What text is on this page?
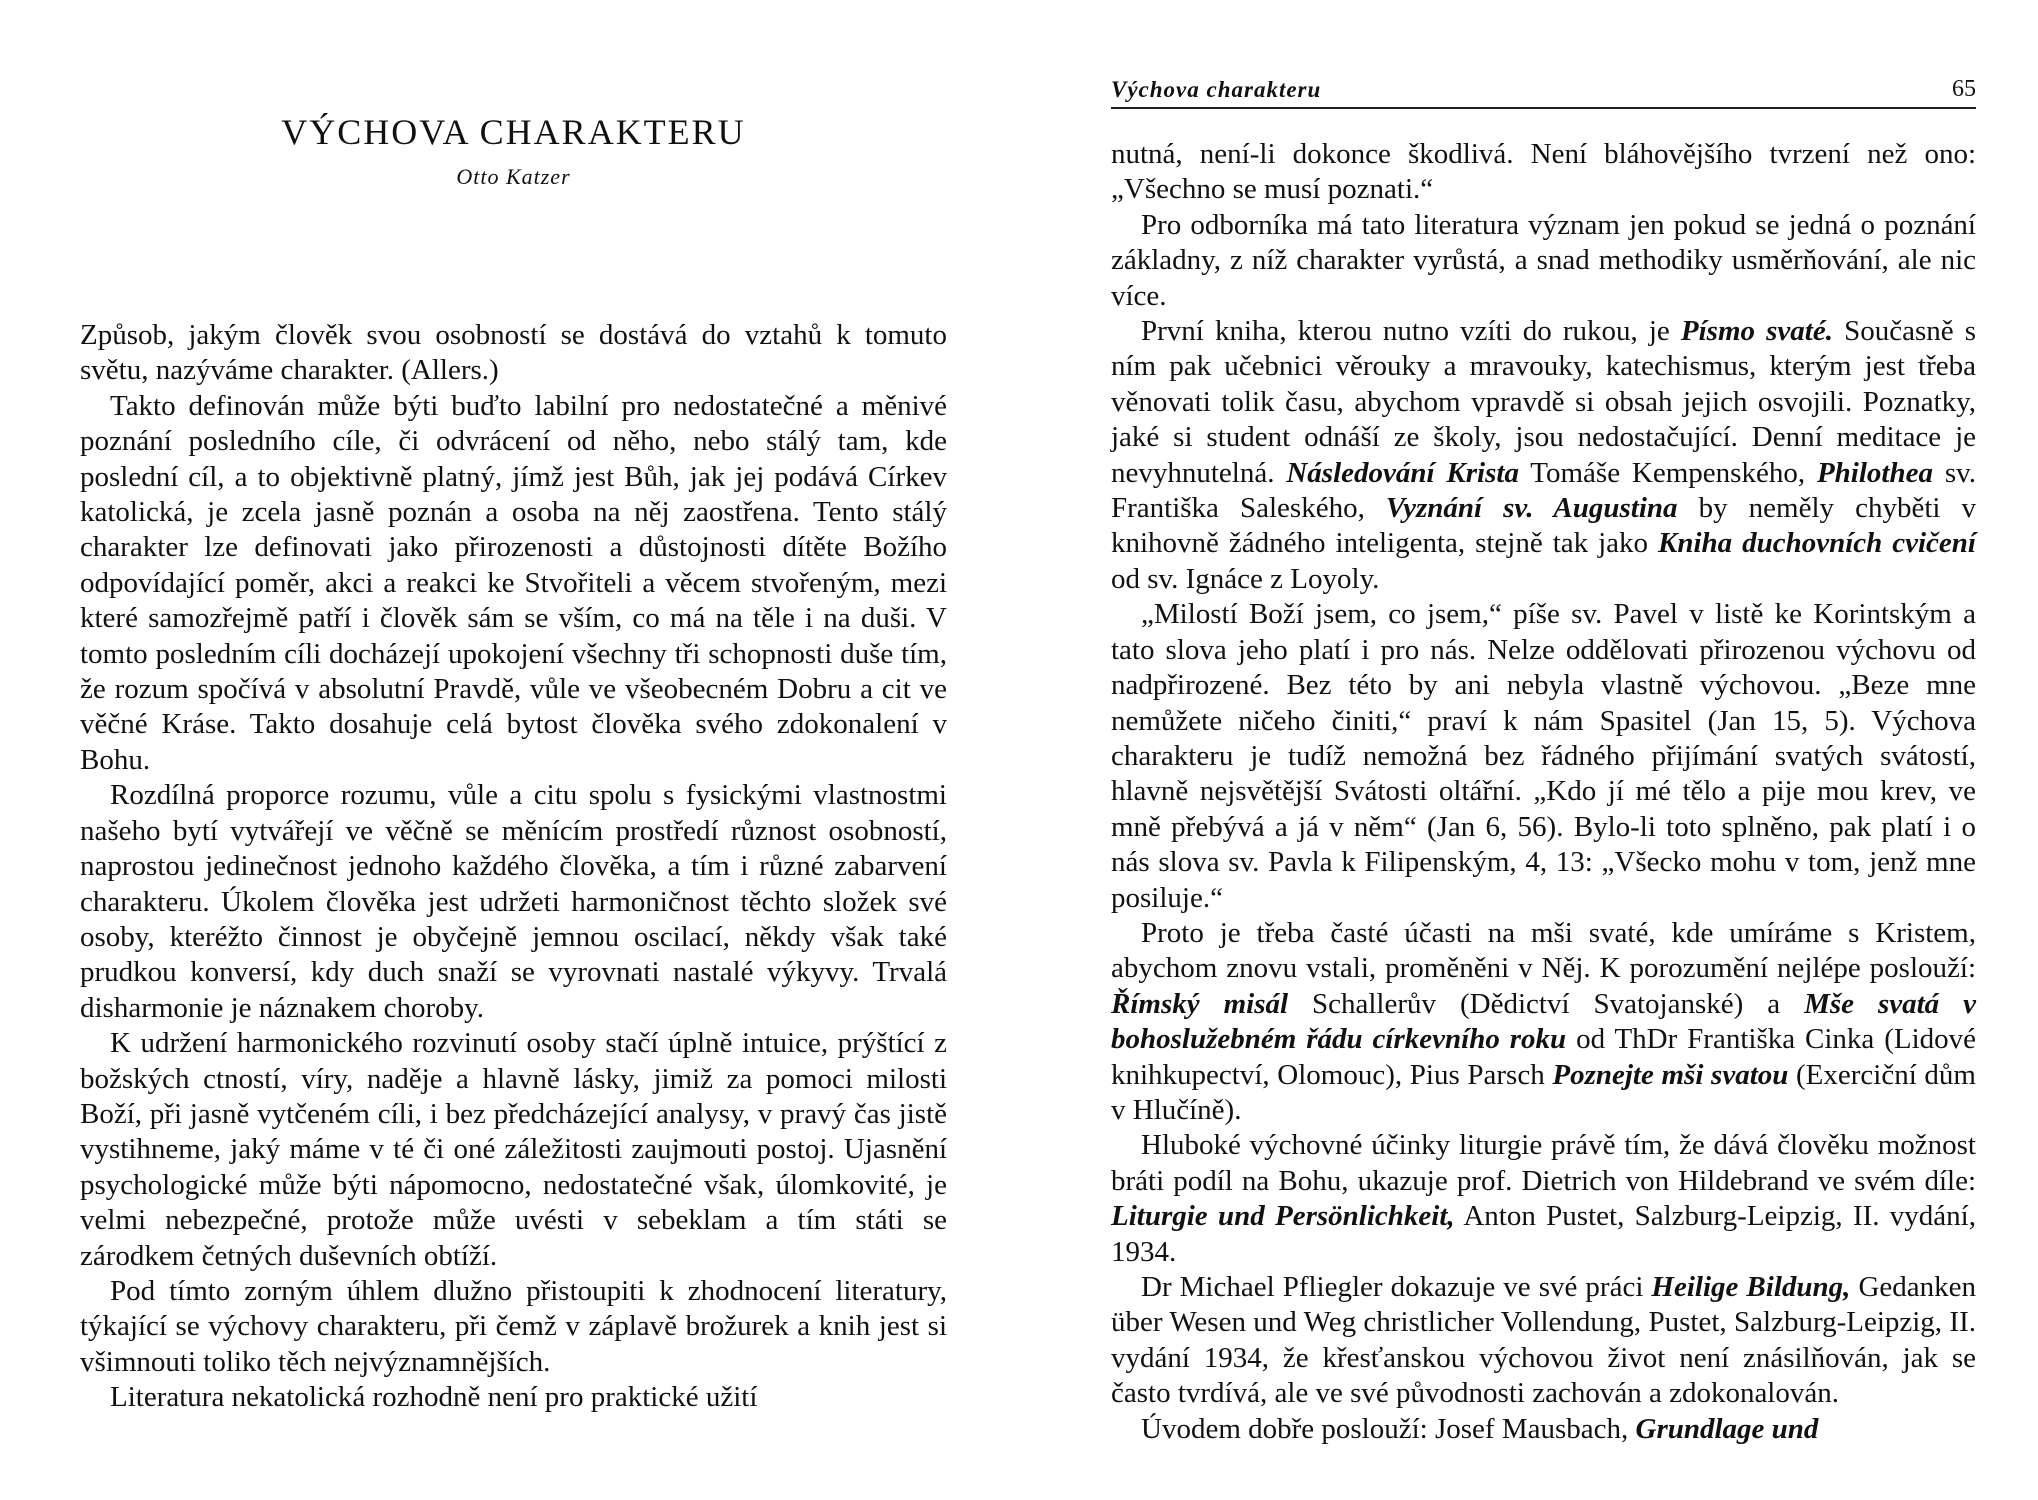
VÝCHOVA CHARAKTERU
Otto Katzer

Způsob, jakým člověk svou osobností se dostává do vztahů k tomuto světu, nazýváme charakter. (Allers.)

Takto definován může býti buďto labilní pro nedostatečné a měnivé poznání posledního cíle, či odvrácení od něho, nebo stálý tam, kde poslední cíl, a to objektivně platný, jímž jest Bůh, jak jej podává Církev katolická, je zcela jasně poznán a osoba na něj zaostřena. Tento stálý charakter lze definovati jako přirozenosti a důstojnosti dítěte Božího odpovídající poměr, akci a reakci ke Stvořiteli a věcem stvořeným, mezi které samozřejmě patří i člověk sám se vším, co má na těle i na duši. V tomto posledním cíli docházejí upokojení všechny tři schopnosti duše tím, že rozum spočívá v absolutní Pravdě, vůle ve všeobecném Dobru a cit ve věčné Kráse. Takto dosahuje celá bytost člověka svého zdokonalení v Bohu.

Rozdílná proporce rozumu, vůle a citu spolu s fysickými vlastnostmi našeho bytí vytvářejí ve věčně se měnícím prostředí různost osobností, naprostou jedinečnost jednoho každého člověka, a tím i různé zabarvení charakteru. Úkolem člověka jest udržeti harmoničnost těchto složek své osoby, kteréžto činnost je obyčejně jemnou oscilací, někdy však také prudkou konversí, kdy duch snaží se vyrovnati nastalé výkyvy. Trvalá disharmonie je náznakem choroby.

K udržení harmonického rozvinutí osoby stačí úplně intuice, prýštící z božských ctností, víry, naděje a hlavně lásky, jimiž za pomoci milosti Boží, při jasně vytčeném cíli, i bez předcházející analysy, v pravý čas jistě vystihneme, jaký máme v té či oné záležitosti zaujmouti postoj. Ujasnění psychologické může býti nápomocno, nedostatečné však, úlomkovité, je velmi nebezpečné, protože může uvésti v sebeklam a tím státi se zárodkem četných duševních obtíží.

Pod tímto zorným úhlem dlužno přistoupiti k zhodnocení literatury, týkající se výchovy charakteru, při čemž v záplavě brožurek a knih jest si všimnouti toliko těch nejvýznamnějších.

Literatura nekatolická rozhodně není pro praktické užití

Výchova charakteru	65

nutná, není-li dokonce škodlivá. Není bláhovějšího tvrzení než ono: „Všechno se musí poznati.“

Pro odborníka má tato literatura význam jen pokud se jedná o poznání základny, z níž charakter vyrůstá, a snad methodiky usměrňování, ale nic více.

První kniha, kterou nutno vzíti do rukou, je Písmo svaté. Současně s ním pak učebnici věrouky a mravouky, katechismus, kterým jest třeba věnovati tolik času, abychom vpravdě si obsah jejich osvojili. Poznatky, jaké si student odnáší ze školy, jsou nedostačující. Denní meditace je nevyhnutelná. Následování Krista Tomáše Kempenského, Philothea sv. Františka Saleského, Vyznání sv. Augustina by neměly chyběti v knihovně žádného inteligenta, stejně tak jako Kniha duchovních cvičení od sv. Ignáce z Loyoly.

„Milostí Boží jsem, co jsem,“ píše sv. Pavel v listě ke Korintským a tato slova jeho platí i pro nás. Nelze oddělovati přirozenou výchovu od nadpřirozené. Bez této by ani nebyla vlastně výchovou. „Beze mne nemůžete ničeho činiti,“ praví k nám Spasitel (Jan 15, 5). Výchova charakteru je tudíž nemožná bez řádného přijímání svatých svátostí, hlavně nejsvětější Svátosti oltářní. „Kdo jí mé tělo a pije mou krev, ve mně přebývá a já v něm“ (Jan 6, 56). Bylo-li toto splněno, pak platí i o nás slova sv. Pavla k Filipenským, 4, 13: „Všecko mohu v tom, jenž mne posiluje.“

Proto je třeba časté účasti na mši svaté, kde umíráme s Kristem, abychom znovu vstali, proměněni v Něj. K porozumění nejlépe poslouží: Římský misál Schallerův (Dědictví Svatojanské) a Mše svatá v bohoslužebném řádu církevního roku od ThDr Františka Cinka (Lidové knihkupectví, Olomouc), Pius Parsch Poznejte mši svatou (Exerciční dům v Hlučíně).

Hluboké výchovné účinky liturgie právě tím, že dává člověku možnost bráti podíl na Bohu, ukazuje prof. Dietrich von Hildebrand ve svém díle: Liturgie und Persönlichkeit, Anton Pustet, Salzburg-Leipzig, II. vydání, 1934.

Dr Michael Pfliegler dokazuje ve své práci Heilige Bildung, Gedanken über Wesen und Weg christlicher Vollendung, Pustet, Salzburg-Leipzig, II. vydání 1934, že křesťanskou výchovou život není znásilňován, jak se často tvrdívá, ale ve své původnosti zachován a zdokonalován.

Úvodem dobře poslouží: Josef Mausbach, Grundlage und
